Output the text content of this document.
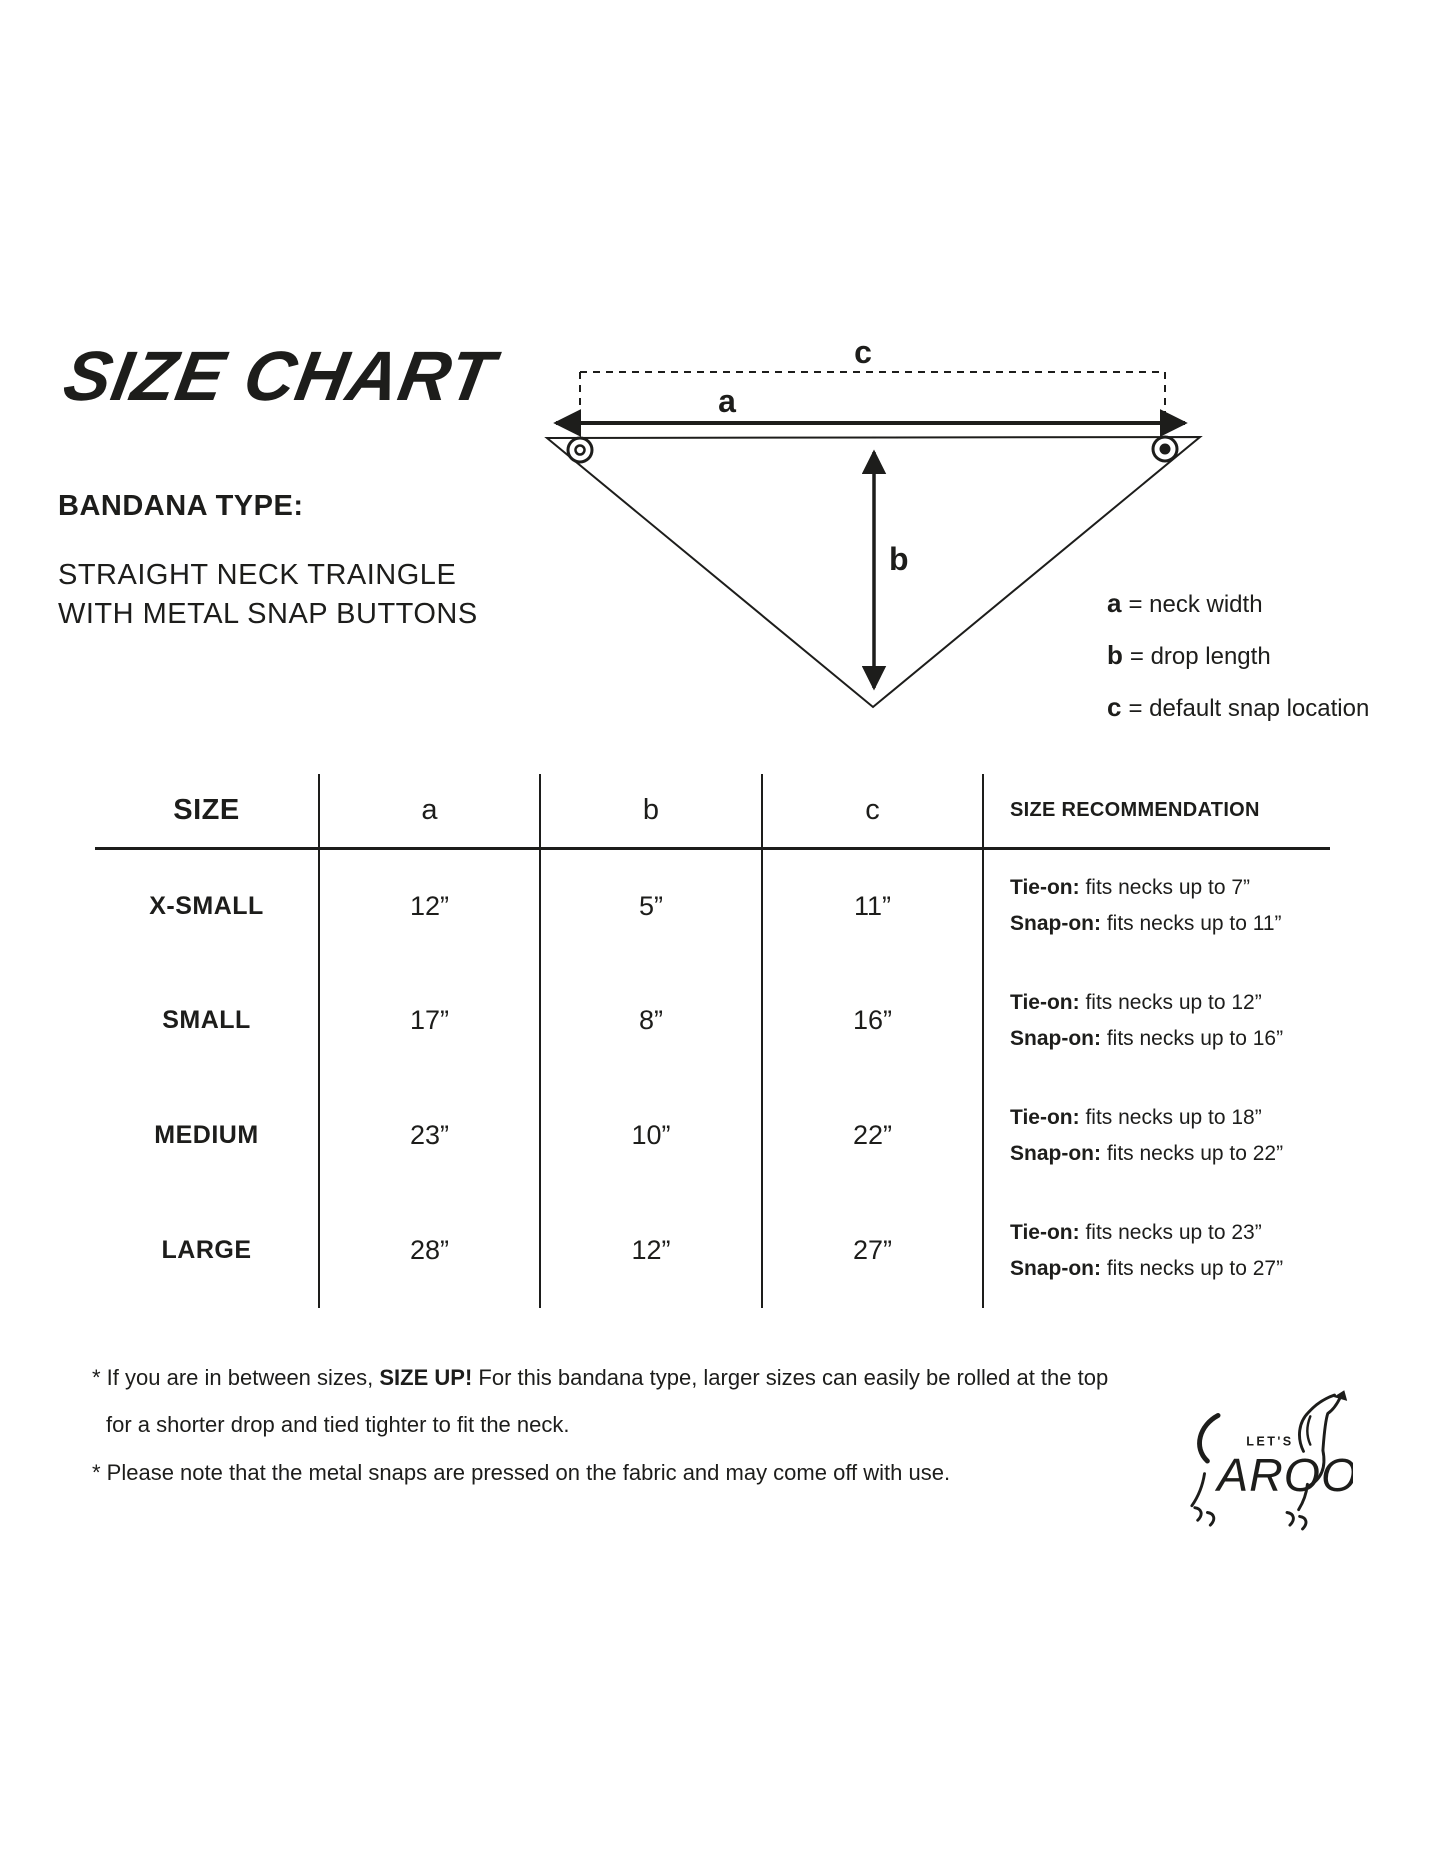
SIZE CHART
BANDANA TYPE:
STRAIGHT NECK TRAINGLE
WITH METAL SNAP BUTTONS
c
a
b
a = neck width
b = drop length
c = default snap location
SIZE	a	b	c	SIZE RECOMMENDATION
X-SMALL	12”	5”	11”	Tie-on: fits necks up to 7”
Snap-on: fits necks up to 11”

SMALL	17”	8”	16”	Tie-on: fits necks up to 12”
Snap-on: fits necks up to 16”

MEDIUM	23”	10”	22”	Tie-on: fits necks up to 18”
Snap-on: fits necks up to 22”

LARGE	28”	12”	27”	Tie-on: fits necks up to 23”
Snap-on: fits necks up to 27”

* If you are in between sizes, SIZE UP! For this bandana type, larger sizes can easily be rolled at the top for a shorter drop and tied tighter to fit the neck.

* Please note that the metal snaps are pressed on the fabric and may come off with use.

LET'S
AROO
